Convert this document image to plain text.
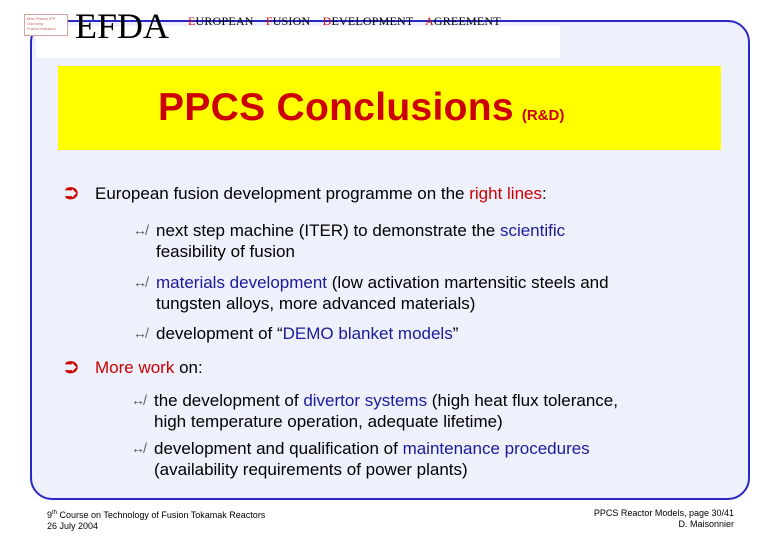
Max-Planck IPP
Garching
Fusion research
...	EFDA EUROPEAN FUSION DEVELOPMENT AGREEMENT
PPCS Conclusions (R&D)
⮊ European fusion development programme on the right lines:
↮ next step machine (ITER) to demonstrate the scientific
feasibility of fusion
↮ materials development (low activation martensitic steels and
tungsten alloys, more advanced materials)
↮ development of “DEMO blanket models”
⮊ More work on:
↮ the development of divertor systems (high heat flux tolerance,
high temperature operation, adequate lifetime)
↮ development and qualification of maintenance procedures
(availability requirements of power plants)
9th Course on Technology of Fusion Tokamak Reactors
26 July 2004
PPCS Reactor Models, page 30/41
D. Maisonnier
